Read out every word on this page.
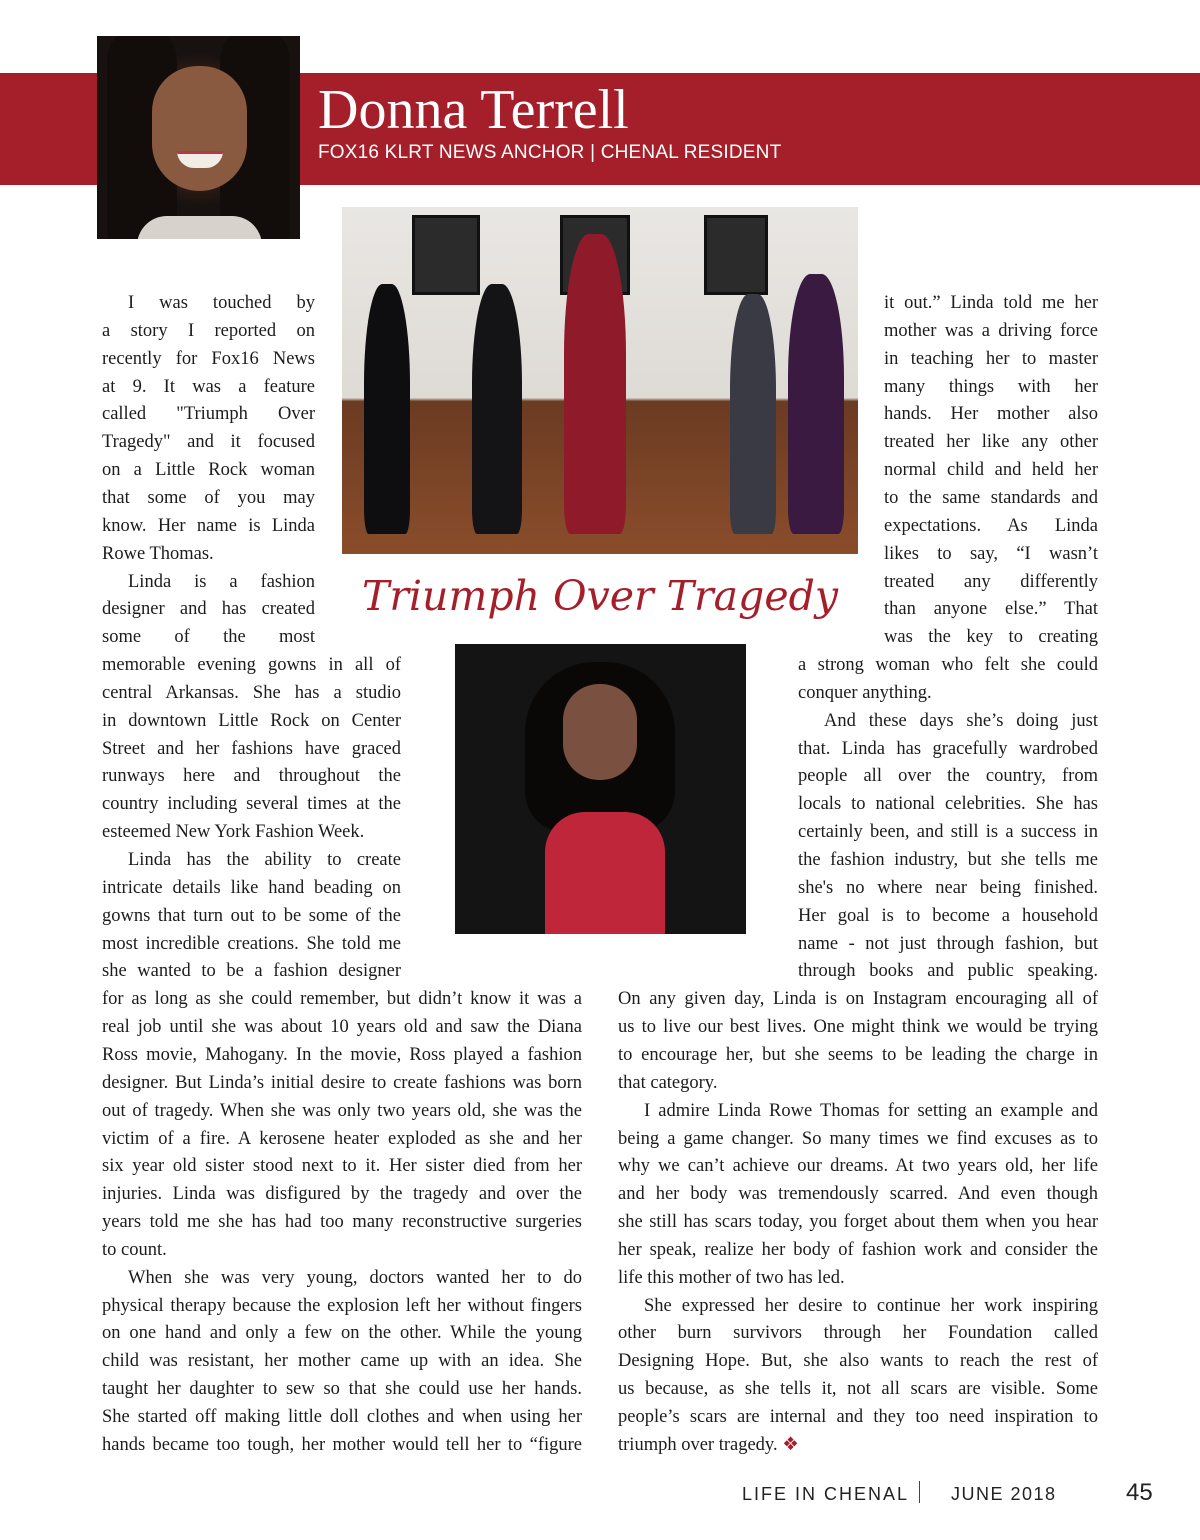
Donna Terrell
FOX16 KLRT NEWS ANCHOR | CHENAL RESIDENT
Triumph Over Tragedy

I was touched by

a story I reported on

recently for Fox16 News

at 9. It was a feature

called "Triumph Over

Tragedy" and it focused

on a Little Rock woman

that some of you may

know. Her name is Linda

Rowe Thomas.

Linda is a fashion

designer and has created

some of the most

memorable evening gowns in all of

central Arkansas. She has a studio

in downtown Little Rock on Center

Street and her fashions have graced

runways here and throughout the

country including several times at the

esteemed New York Fashion Week.

Linda has the ability to create

intricate details like hand beading on

gowns that turn out to be some of the

most incredible creations. She told me

she wanted to be a fashion designer

for as long as she could remember, but didn’t know it was a

real job until she was about 10 years old and saw the Diana

Ross movie, Mahogany. In the movie, Ross played a fashion

designer. But Linda’s initial desire to create fashions was born

out of tragedy. When she was only two years old, she was the

victim of a fire. A kerosene heater exploded as she and her

six year old sister stood next to it. Her sister died from her

injuries. Linda was disfigured by the tragedy and over the

years told me she has had too many reconstructive surgeries

to count.

When she was very young, doctors wanted her to do

physical therapy because the explosion left her without fingers

on one hand and only a few on the other. While the young

child was resistant, her mother came up with an idea. She

taught her daughter to sew so that she could use her hands.

She started off making little doll clothes and when using her

hands became too tough, her mother would tell her to “figure

it out.” Linda told me her

mother was a driving force

in teaching her to master

many things with her

hands. Her mother also

treated her like any other

normal child and held her

to the same standards and

expectations. As Linda

likes to say, “I wasn’t

treated any differently

than anyone else.” That

was the key to creating

a strong woman who felt she could

conquer anything.

And these days she’s doing just

that. Linda has gracefully wardrobed

people all over the country, from

locals to national celebrities. She has

certainly been, and still is a success in

the fashion industry, but she tells me

she's no where near being finished.

Her goal is to become a household

name - not just through fashion, but

through books and public speaking.

On any given day, Linda is on Instagram encouraging all of

us to live our best lives. One might think we would be trying

to encourage her, but she seems to be leading the charge in

that category.

I admire Linda Rowe Thomas for setting an example and

being a game changer. So many times we find excuses as to

why we can’t achieve our dreams. At two years old, her life

and her body was tremendously scarred. And even though

she still has scars today, you forget about them when you hear

her speak, realize her body of fashion work and consider the

life this mother of two has led.

She expressed her desire to continue her work inspiring

other burn survivors through her Foundation called

Designing Hope. But, she also wants to reach the rest of

us because, as she tells it, not all scars are visible. Some

people’s scars are internal and they too need inspiration to

triumph over tragedy. ❖

LIFE IN CHENAL JUNE 2018	45
